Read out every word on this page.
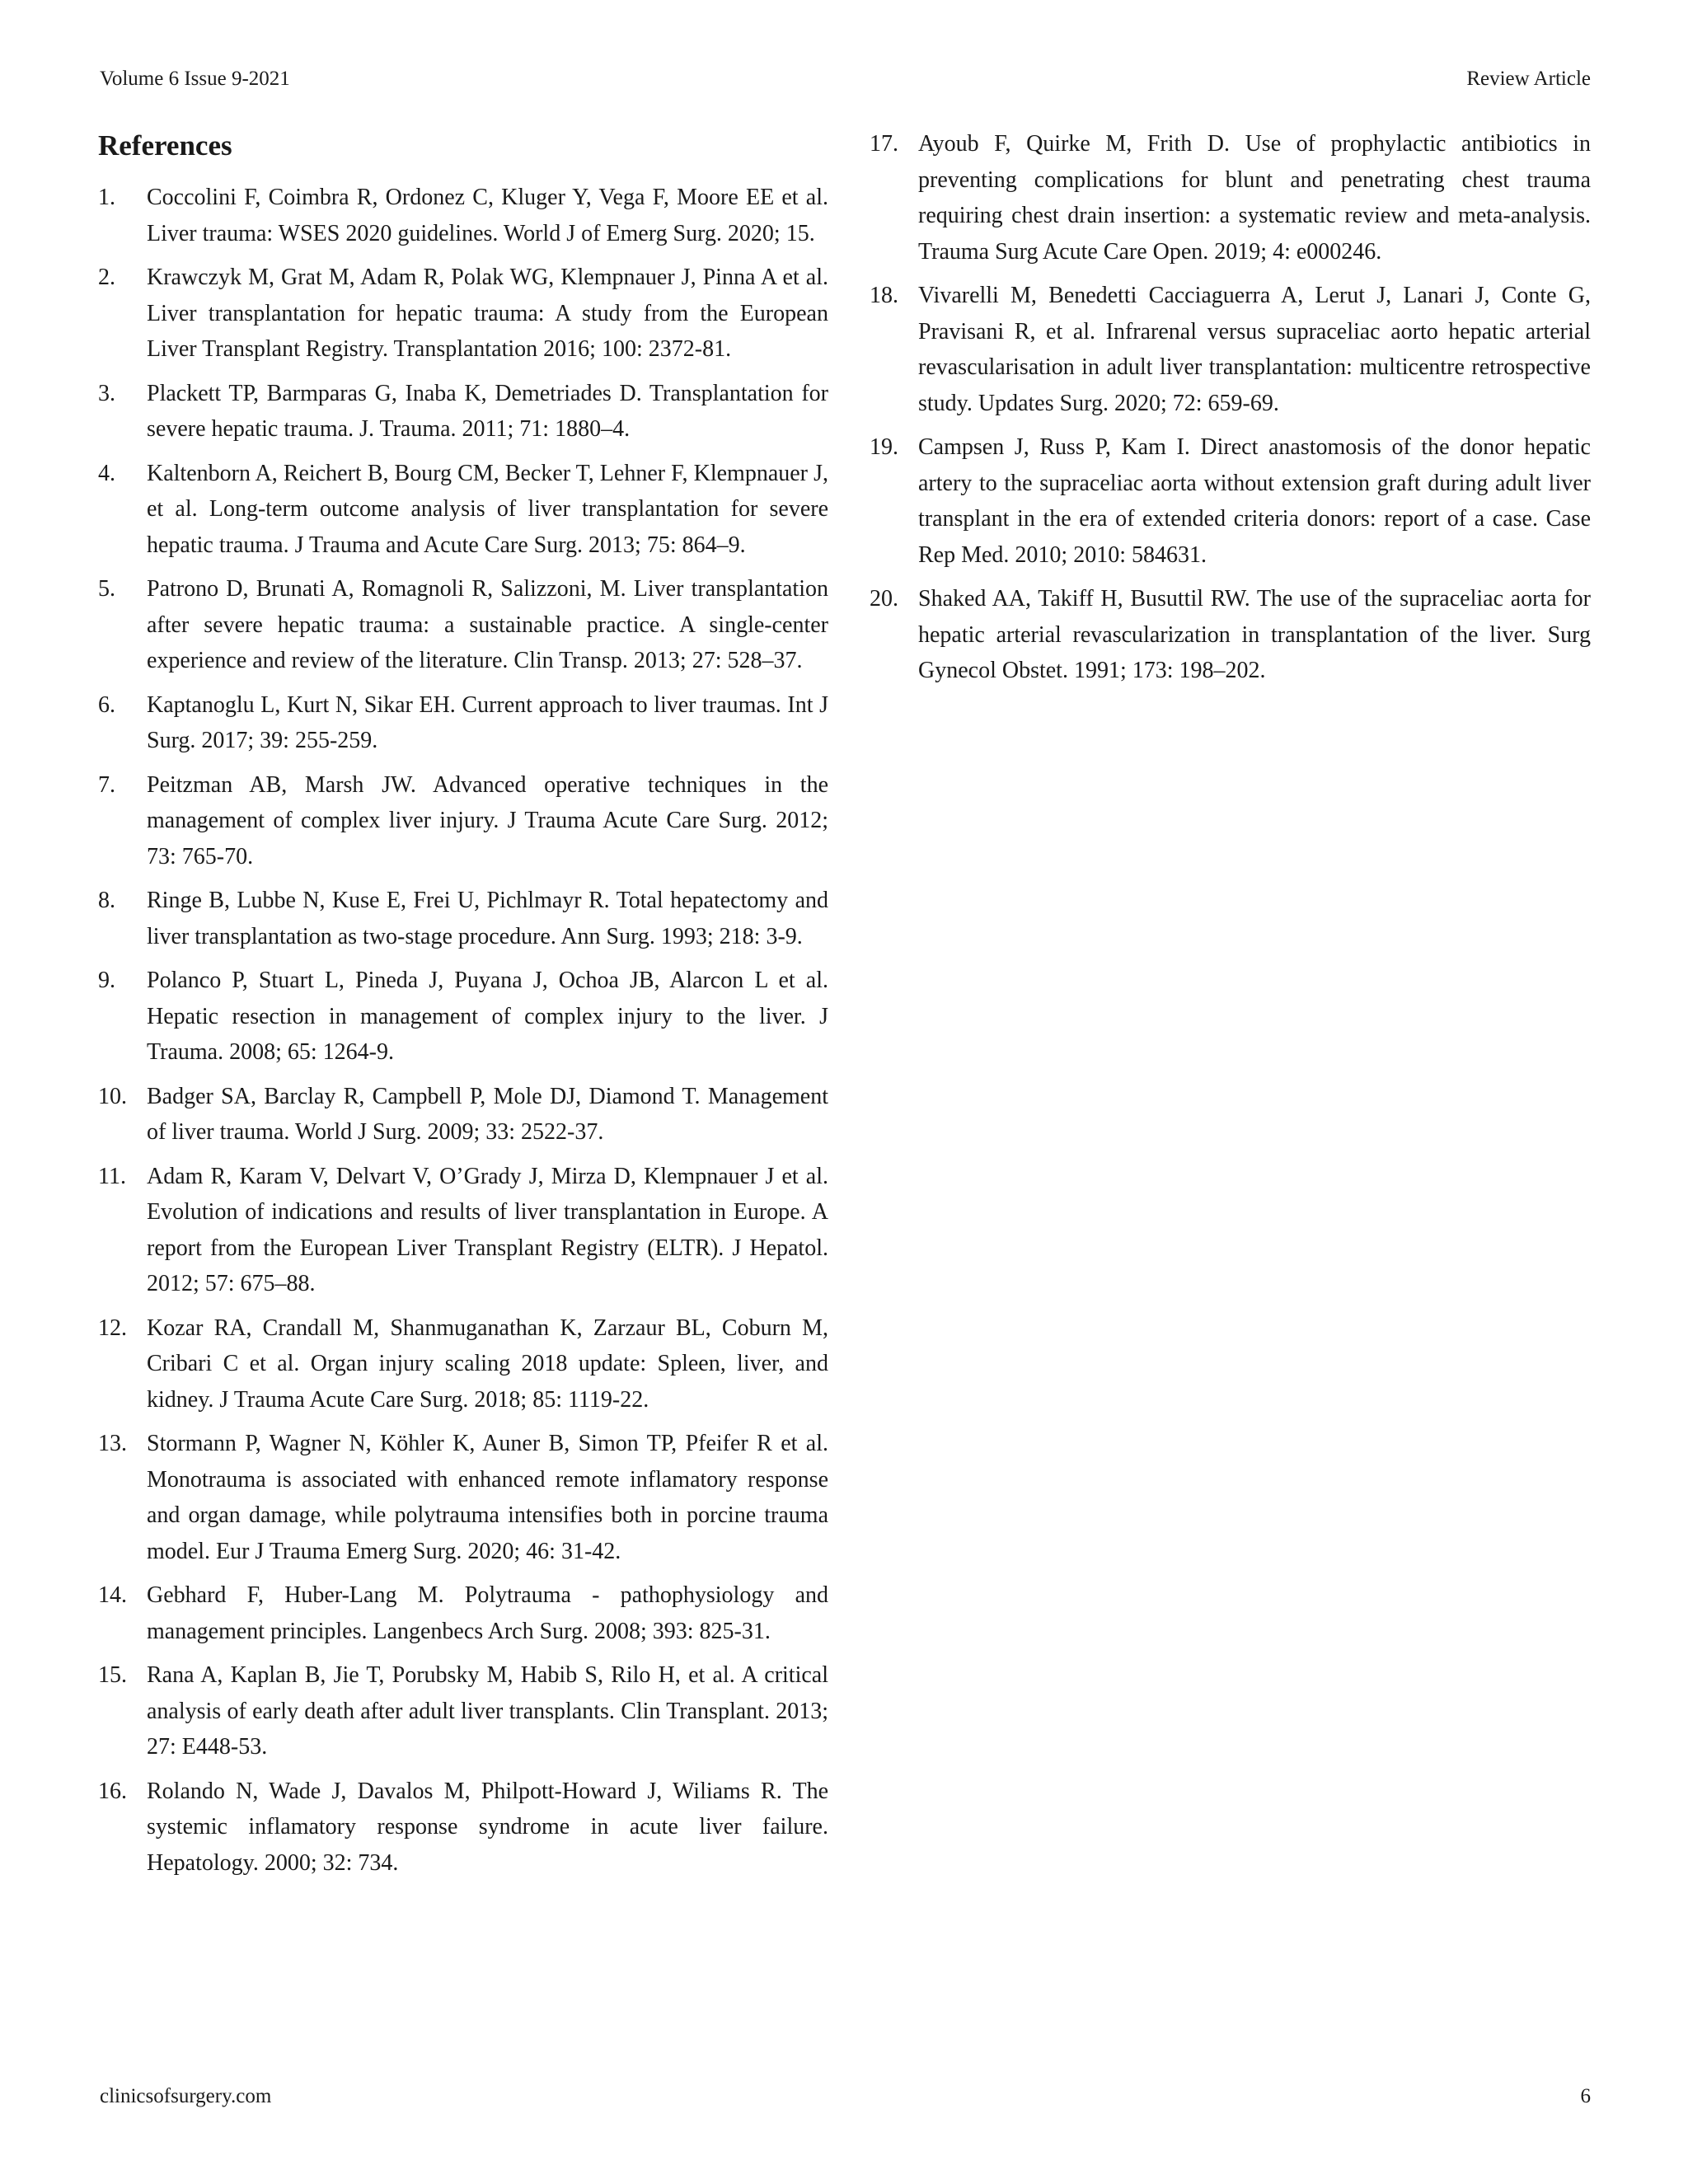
Volume 6 Issue 9-2021	Review Article
References
1. Coccolini F, Coimbra R, Ordonez C, Kluger Y, Vega F, Moore EE et al. Liver trauma: WSES 2020 guidelines. World J of Emerg Surg. 2020; 15.
2. Krawczyk M, Grat M, Adam R, Polak WG, Klempnauer J, Pinna A et al. Liver transplantation for hepatic trauma: A study from the European Liver Transplant Registry. Transplantation 2016; 100: 2372-81.
3. Plackett TP, Barmparas G, Inaba K, Demetriades D. Transplantation for severe hepatic trauma. J. Trauma. 2011; 71: 1880–4.
4. Kaltenborn A, Reichert B, Bourg CM, Becker T, Lehner F, Klempnauer J, et al. Long-term outcome analysis of liver transplantation for severe hepatic trauma. J Trauma and Acute Care Surg. 2013; 75: 864–9.
5. Patrono D, Brunati A, Romagnoli R, Salizzoni, M. Liver transplantation after severe hepatic trauma: a sustainable practice. A single-center experience and review of the literature. Clin Transp. 2013; 27: 528–37.
6. Kaptanoglu L, Kurt N, Sikar EH. Current approach to liver traumas. Int J Surg. 2017; 39: 255-259.
7. Peitzman AB, Marsh JW. Advanced operative techniques in the management of complex liver injury. J Trauma Acute Care Surg. 2012; 73: 765-70.
8. Ringe B, Lubbe N, Kuse E, Frei U, Pichlmayr R. Total hepatectomy and liver transplantation as two-stage procedure. Ann Surg. 1993; 218: 3-9.
9. Polanco P, Stuart L, Pineda J, Puyana J, Ochoa JB, Alarcon L et al. Hepatic resection in management of complex injury to the liver. J Trauma. 2008; 65: 1264-9.
10. Badger SA, Barclay R, Campbell P, Mole DJ, Diamond T. Management of liver trauma. World J Surg. 2009; 33: 2522-37.
11. Adam R, Karam V, Delvart V, O’Grady J, Mirza D, Klempnauer J et al. Evolution of indications and results of liver transplantation in Europe. A report from the European Liver Transplant Registry (ELTR). J Hepatol. 2012; 57: 675–88.
12. Kozar RA, Crandall M, Shanmuganathan K, Zarzaur BL, Coburn M, Cribari C et al. Organ injury scaling 2018 update: Spleen, liver, and kidney. J Trauma Acute Care Surg. 2018; 85: 1119-22.
13. Stormann P, Wagner N, Köhler K, Auner B, Simon TP, Pfeifer R et al. Monotrauma is associated with enhanced remote inflamatory response and organ damage, while polytrauma intensifies both in porcine trauma model. Eur J Trauma Emerg Surg. 2020; 46: 31-42.
14. Gebhard F, Huber-Lang M. Polytrauma - pathophysiology and management principles. Langenbecs Arch Surg. 2008; 393: 825-31.
15. Rana A, Kaplan B, Jie T, Porubsky M, Habib S, Rilo H, et al. A critical analysis of early death after adult liver transplants. Clin Transplant. 2013; 27: E448-53.
16. Rolando N, Wade J, Davalos M, Philpott-Howard J, Wiliams R. The systemic inflamatory response syndrome in acute liver failure. Hepatology. 2000; 32: 734.
17. Ayoub F, Quirke M, Frith D. Use of prophylactic antibiotics in preventing complications for blunt and penetrating chest trauma requiring chest drain insertion: a systematic review and meta-analysis. Trauma Surg Acute Care Open. 2019; 4: e000246.
18. Vivarelli M, Benedetti Cacciaguerra A, Lerut J, Lanari J, Conte G, Pravisani R, et al. Infrarenal versus supraceliac aorto hepatic arterial revascularisation in adult liver transplantation: multicentre retrospective study. Updates Surg. 2020; 72: 659-69.
19. Campsen J, Russ P, Kam I. Direct anastomosis of the donor hepatic artery to the supraceliac aorta without extension graft during adult liver transplant in the era of extended criteria donors: report of a case. Case Rep Med. 2010; 2010: 584631.
20. Shaked AA, Takiff H, Busuttil RW. The use of the supraceliac aorta for hepatic arterial revascularization in transplantation of the liver. Surg Gynecol Obstet. 1991; 173: 198–202.
clinicsofsurgery.com	6
